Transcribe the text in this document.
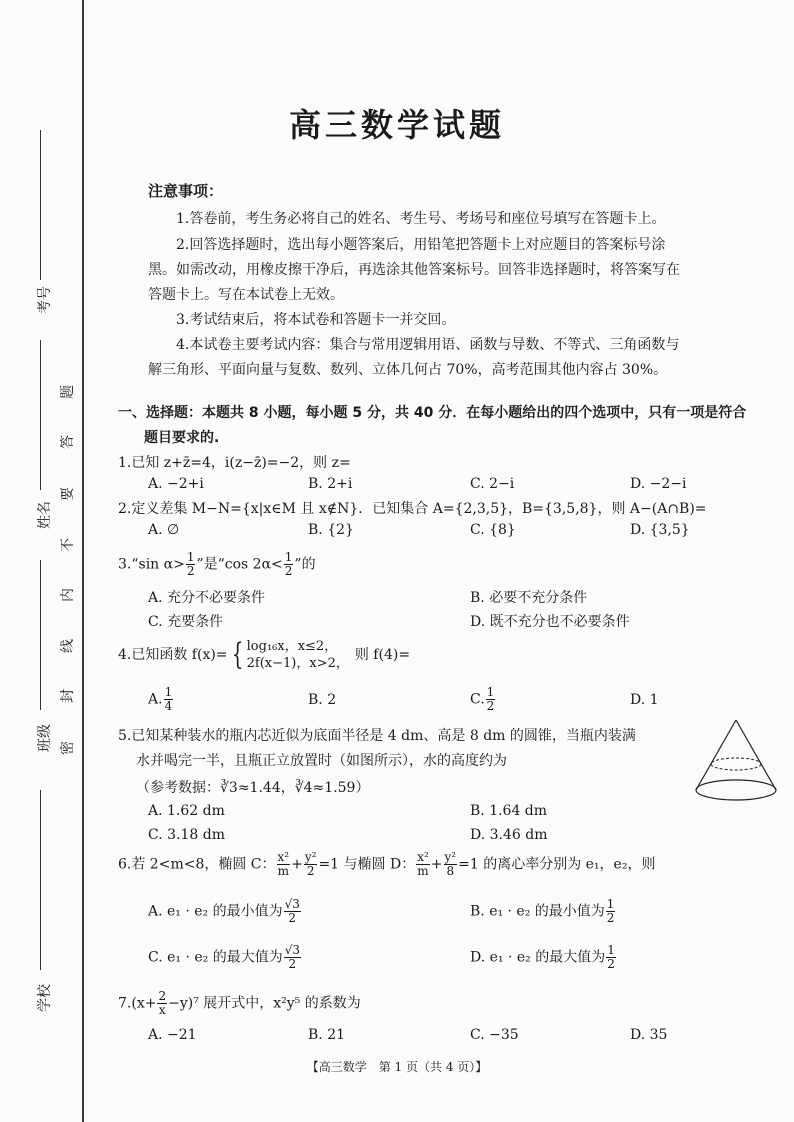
考号
姓名
班级
学校
题
答
要
不
内
线
封
密
高三数学试题
注意事项：
1.答卷前，考生务必将自己的姓名、考生号、考场号和座位号填写在答题卡上。
2.回答选择题时，选出每小题答案后，用铅笔把答题卡上对应题目的答案标号涂
黑。如需改动，用橡皮擦干净后，再选涂其他答案标号。回答非选择题时，将答案写在
答题卡上。写在本试卷上无效。
3.考试结束后，将本试卷和答题卡一并交回。
4.本试卷主要考试内容：集合与常用逻辑用语、函数与导数、不等式、三角函数与
解三角形、平面向量与复数、数列、立体几何占 70%，高考范围其他内容占 30%。
一、选择题：本题共 8 小题，每小题 5 分，共 40 分．在每小题给出的四个选项中，只有一项是符合
题目要求的.
1.已知 z+z̄=4，i(z−z̄)=−2，则 z=
A. −2+i	B. 2+i	C. 2−i	D. −2−i
2.定义差集 M−N={x|x∈M 且 x∉N}．已知集合 A={2,3,5}，B={3,5,8}，则 A−(A∩B)=
A. ∅	B. {2}	C. {8}	D. {3,5}
3.“sin $\alpha> \frac{1}{2}$ ”是“cos $2\alpha< \frac{1}{2}$ ”的
A. 充分不必要条件	B. 必要不充分条件
C. 充要条件	D. 既不充分也不必要条件
4.已知函数 f(x)= { log₁₆x，x≤2，
2f(x−1)，x>2，
则 f(4)=
A. $\frac{1}{4}$	B. 2	C. $\frac{1}{2}$	D. 1
5.已知某种装水的瓶内芯近似为底面半径是 4 dm、高是 8 dm 的圆锥，当瓶内装满
水并喝完一半，且瓶正立放置时（如图所示），水的高度约为
（参考数据：∛3≈1.44，∛4≈1.59）
A. 1.62 dm	B. 1.64 dm
C. 3.18 dm	D. 3.46 dm
6.若 2<m<8，椭圆 C： $\frac{\text{x²}}{m} + \frac{\text{y²}}{2} =1$ 与椭圆 D： $\frac{\text{x²}}{m} + \frac{\text{y²}}{8} =1$ 的离心率分别为 e₁，e₂，则
A. e₁ · e₂ 的最小值为 $\frac{√3}{2}$	B. e₁ · e₂ 的最小值为 $\frac{1}{2}$
C. e₁ · e₂ 的最大值为 $\frac{√3}{2}$	D. e₁ · e₂ 的最大值为 $\frac{1}{2}$
$7.(x+ \frac{2}{x} -y)^7$ 展开式中，x²y⁵ 的系数为
A. −21	B. 21	C. −35	D. 35
【高三数学　第 1 页（共 4 页）】
